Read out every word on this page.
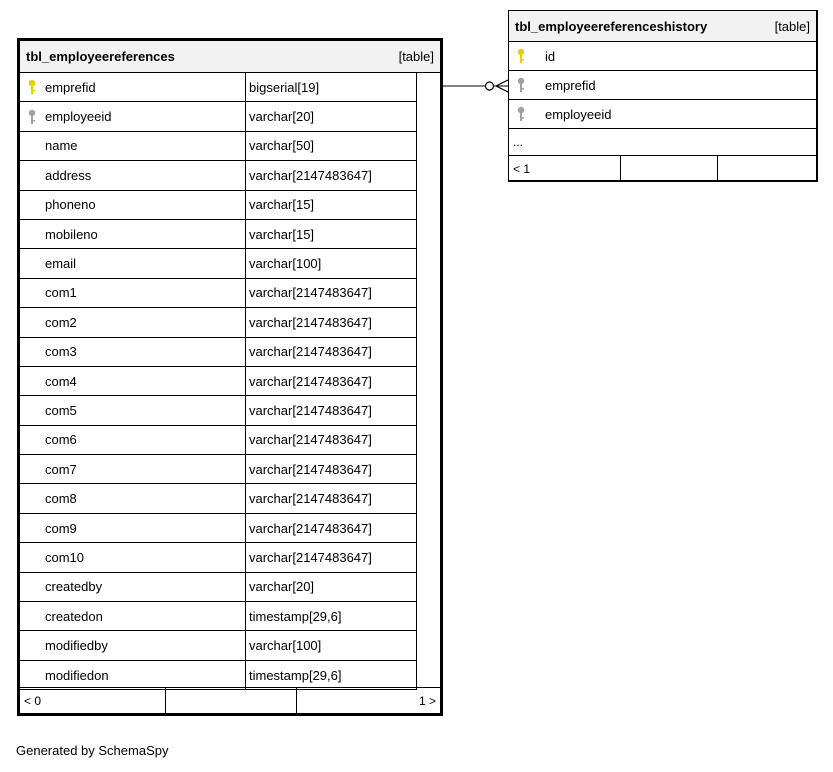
tbl_employeereferences	[table]
emprefid	bigserial[19]
employeeid	varchar[20]
name	varchar[50]
address	varchar[2147483647]
phoneno	varchar[15]
mobileno	varchar[15]
email	varchar[100]
com1	varchar[2147483647]
com2	varchar[2147483647]
com3	varchar[2147483647]
com4	varchar[2147483647]
com5	varchar[2147483647]
com6	varchar[2147483647]
com7	varchar[2147483647]
com8	varchar[2147483647]
com9	varchar[2147483647]
com10	varchar[2147483647]
createdby	varchar[20]
createdon	timestamp[29,6]
modifiedby	varchar[100]
modifiedon	timestamp[29,6]
< 0	1 >
tbl_employeereferenceshistory	[table]
id
emprefid
employeeid
...
< 1
Generated by SchemaSpy
